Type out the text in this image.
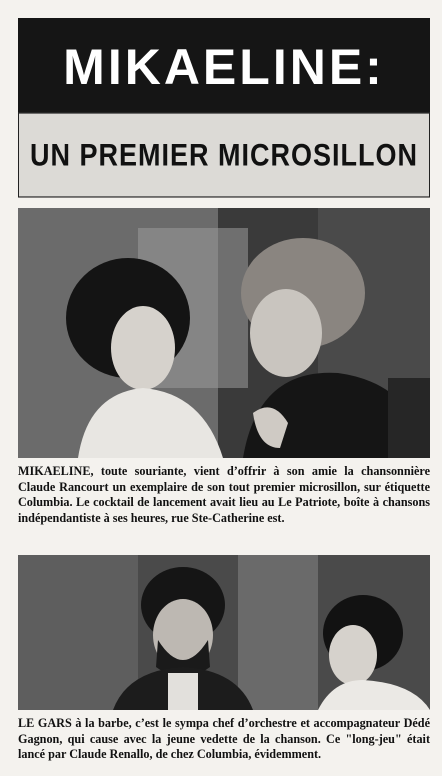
MIKAELINE:
UN PREMIER MICROSILLON
MIKAELINE, toute souriante, vient d’offrir à son amie la chansonnière Claude Rancourt un exemplaire de son tout premier microsillon, sur étiquette Columbia. Le cocktail de lancement avait lieu au Le Patriote, boîte à chansons indépendantiste à ses heures, rue Ste-Catherine est.
LE GARS à la barbe, c’est le sympa chef d’orchestre et accompagnateur Dédé Gagnon, qui cause avec la jeune vedette de la chanson. Ce "long-jeu" était lancé par Claude Renallo, de chez Columbia, évidemment.
